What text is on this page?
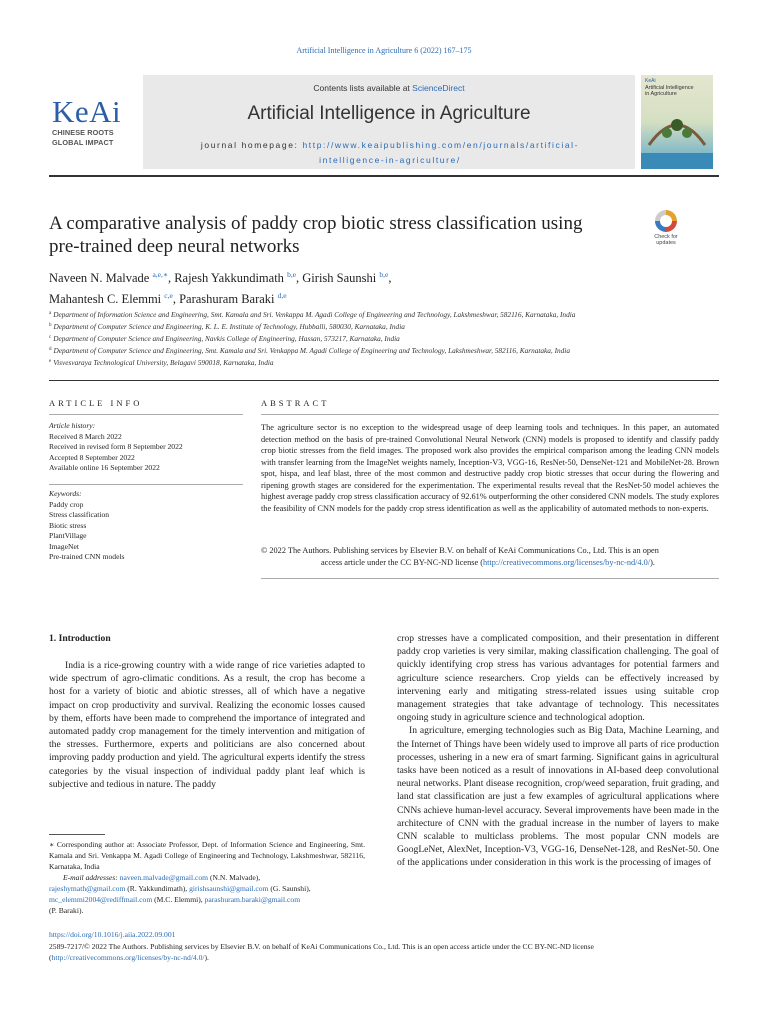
Artificial Intelligence in Agriculture 6 (2022) 167–175
Contents lists available at ScienceDirect
Artificial Intelligence in Agriculture
journal homepage: http://www.keaipublishing.com/en/journals/artificial-
intelligence-in-agriculture/
KeAi
CHINESE ROOTS
GLOBAL IMPACT
KeAi
Artificial Intelligence in Agriculture
A comparative analysis of paddy crop biotic stress classification using pre-trained deep neural networks	Check for updates
Naveen N. Malvade $^{a,e,∗}$, Rajesh Yakkundimath $^{b,e}$, Girish Saunshi $^{b,e}$,
Mahantesh C. Elemmi $^{c,e}$, Parashuram Baraki $^{d,e}$
$^a$ Department of Information Science and Engineering, Smt. Kamala and Sri. Venkappa M. Agadi College of Engineering and Technology, Lakshmeshwar, 582116, Karnataka, India
$^b$ Department of Computer Science and Engineering, K. L. E. Institute of Technology, Hubballi, 580030, Karnataka, India
$^c$ Department of Computer Science and Engineering, Navkis College of Engineering, Hassan, 573217, Karnataka, India
$^d$ Department of Computer Science and Engineering, Smt. Kamala and Sri. Venkappa M. Agadi College of Engineering and Technology, Lakshmeshwar, 582116, Karnataka, India
$^e$ Visvesvaraya Technological University, Belagavi 590018, Karnataka, India
ARTICLE INFO	ABSTRACT
Article history:
Received 8 March 2022
Received in revised form 8 September 2022
Accepted 8 September 2022
Available online 16 September 2022
Keywords:
Paddy crop
Stress classification
Biotic stress
PlantVillage
ImageNet
Pre-trained CNN models
The agriculture sector is no exception to the widespread usage of deep learning tools and techniques. In this paper, an automated detection method on the basis of pre-trained Convolutional Neural Network (CNN) models is proposed to identify and classify paddy crop biotic stresses from the field images. The proposed work also provides the empirical comparison among the leading CNN models with transfer learning from the ImageNet weights namely, Inception-V3, VGG-16, ResNet-50, DenseNet-121 and MobileNet-28. Brown spot, hispa, and leaf blast, three of the most common and destructive paddy crop biotic stresses that occur during the flowering and ripening growth stages are considered for the experimentation. The experimental results reveal that the ResNet-50 model achieves the highest average paddy crop stress classification accuracy of 92.61% outperforming the other considered CNN models. The study explores the feasibility of CNN models for the paddy crop stress identification as well as the applicability of automated methods to non-experts.
© 2022 The Authors. Publishing services by Elsevier B.V. on behalf of KeAi Communications Co., Ltd. This is an open
access article under the CC BY-NC-ND license (http://creativecommons.org/licenses/by-nc-nd/4.0/).
1. Introduction
India is a rice-growing country with a wide range of rice varieties adapted to wide spectrum of agro-climatic conditions. As a result, the crop has become a host for a variety of biotic and abiotic stresses, all of which have a negative impact on crop productivity and survival. Realizing the economic losses caused by them, efforts have been made to comprehend the importance of integrated and automated paddy crop management for the timely intervention and mitigation of the stresses. Furthermore, experts and politicians are also concerned about improving paddy production and yield. The agricultural experts identify the stress categories by the visual inspection of individual paddy plant leaf which is subjective and tedious in nature. The paddy

crop stresses have a complicated composition, and their presentation in different paddy crop varieties is very similar, making classification challenging. The goal of quickly identifying crop stress has various advantages for potential farmers and agriculture science researchers. Crop yields can be effectively increased by intervening early and mitigating stress-related issues using suitable crop management strategies that take advantage of technology. This necessitates ongoing study in agriculture science and technological adoption.

In agriculture, emerging technologies such as Big Data, Machine Learning, and the Internet of Things have been widely used to improve all parts of rice production processes, ushering in a new era of smart farming. Significant gains in agricultural tasks have been noticed as a result of innovations in AI-based deep convolutional neural networks. Plant disease recognition, crop/weed separation, fruit grading, and land stat classification are just a few examples of agricultural applications where CNNs achieve human-level accuracy. Several improvements have been made in the architecture of CNN with the gradual increase in the number of layers to make CNN scalable to multiclass problems. The most popular CNN models are GoogLeNet, AlexNet, Inception-V3, VGG-16, DenseNet-128, and ResNet-50. One of the applications under consideration in this work is the processing of images of

∗ Corresponding author at: Associate Professor, Dept. of Information Science and Engineering, Smt. Kamala and Sri. Venkappa M. Agadi College of Engineering and Technology, Lakshmeshwar, 582116, Karnataka, India
E-mail addresses: naveen.malvade@gmail.com (N.N. Malvade),
rajeshymath@gmail.com (R. Yakkundimath), girishsaunshi@gmail.com (G. Saunshi),
mc_elemmi2004@rediffmail.com (M.C. Elemmi), parashuram.baraki@gmail.com
(P. Baraki).
https://doi.org/10.1016/j.aiia.2022.09.001
2589-7217/© 2022 The Authors. Publishing services by Elsevier B.V. on behalf of KeAi Communications Co., Ltd. This is an open access article under the CC BY-NC-ND license (http://creativecommons.org/licenses/by-nc-nd/4.0/).
